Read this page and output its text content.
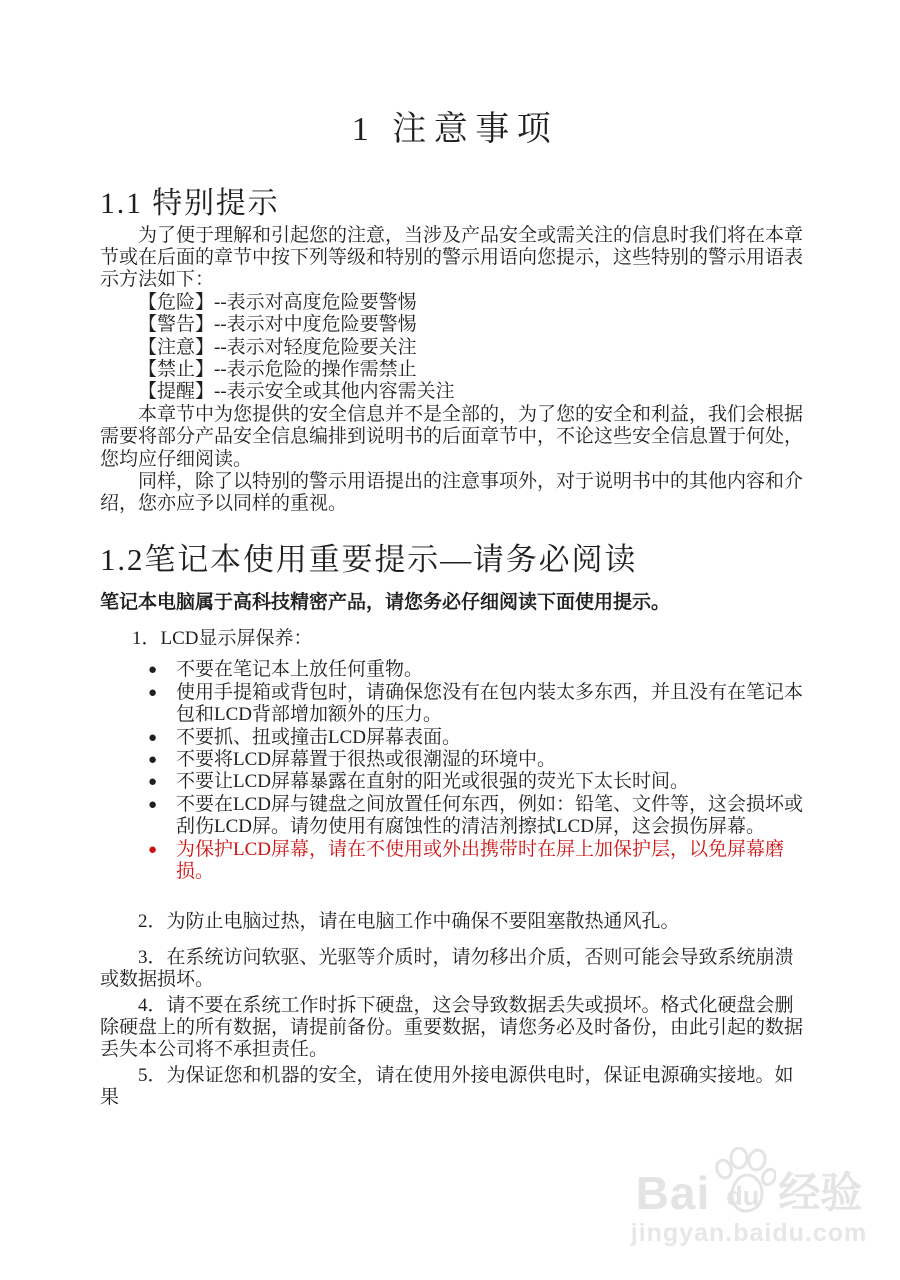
1 注意事项
1.1 特别提示

为了便于理解和引起您的注意，当涉及产品安全或需关注的信息时我们将在本章节或在后面的章节中按下列等级和特别的警示用语向您提示，这些特别的警示用语表示方法如下：

【危险】--表示对高度危险要警惕
【警告】--表示对中度危险要警惕
【注意】--表示对轻度危险要关注
【禁止】--表示危险的操作需禁止
【提醒】--表示安全或其他内容需关注

本章节中为您提供的安全信息并不是全部的，为了您的安全和利益，我们会根据需要将部分产品安全信息编排到说明书的后面章节中，不论这些安全信息置于何处，您均应仔细阅读。

同样，除了以特别的警示用语提出的注意事项外，对于说明书中的其他内容和介绍，您亦应予以同样的重视。

1.2笔记本使用重要提示—请务必阅读

笔记本电脑属于高科技精密产品，请您务必仔细阅读下面使用提示。

1．LCD显示屏保养：
● 不要在笔记本上放任何重物。
● 使用手提箱或背包时，请确保您没有在包内装太多东西，并且没有在笔记本包和LCD背部增加额外的压力。
● 不要抓、扭或撞击LCD屏幕表面。
● 不要将LCD屏幕置于很热或很潮湿的环境中。
● 不要让LCD屏幕暴露在直射的阳光或很强的荧光下太长时间。
● 不要在LCD屏与键盘之间放置任何东西，例如：铅笔、文件等，这会损坏或刮伤LCD屏。请勿使用有腐蚀性的清洁剂擦拭LCD屏，这会损伤屏幕。
● 为保护LCD屏幕，请在不使用或外出携带时在屏上加保护层，以免屏幕磨损。

2．为防止电脑过热，请在电脑工作中确保不要阻塞散热通风孔。

3．在系统访问软驱、光驱等介质时，请勿移出介质，否则可能会导致系统崩溃或数据损坏。

4．请不要在系统工作时拆下硬盘，这会导致数据丢失或损坏。格式化硬盘会删除硬盘上的所有数据，请提前备份。重要数据，请您务必及时备份，由此引起的数据丢失本公司将不承担责任。

5．为保证您和机器的安全，请在使用外接电源供电时，保证电源确实接地。如果

Bai du 经验
jingyan.baidu.com
